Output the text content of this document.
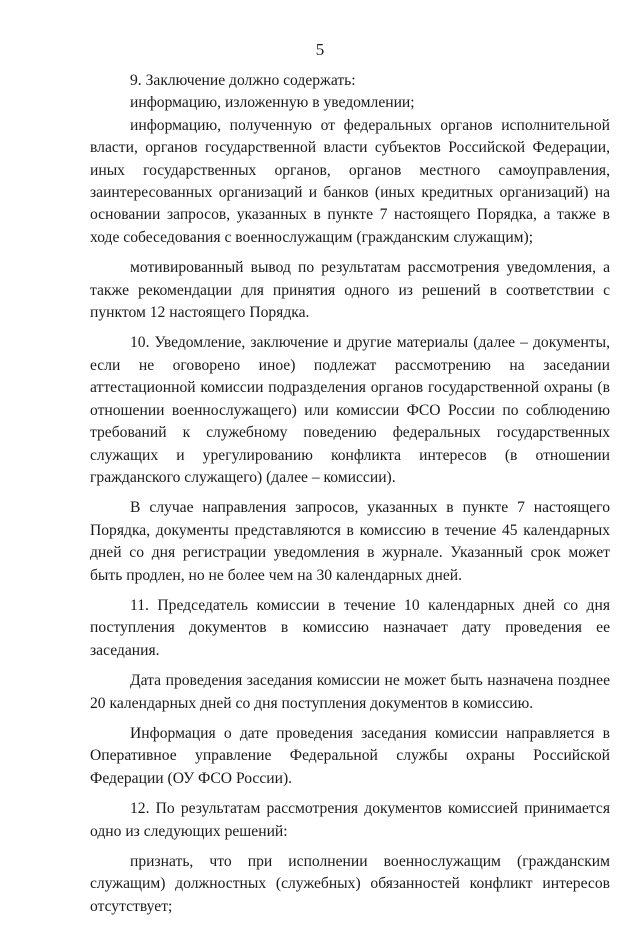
5

9. Заключение должно содержать:

информацию, изложенную в уведомлении;

информацию, полученную от федеральных органов исполнительной власти, органов государственной власти субъектов Российской Федерации, иных государственных органов, органов местного самоуправления, заинтересованных организаций и банков (иных кредитных организаций) на основании запросов, указанных в пункте 7 настоящего Порядка, а также в ходе собеседования с военнослужащим (гражданским служащим);

мотивированный вывод по результатам рассмотрения уведомления, а также рекомендации для принятия одного из решений в соответствии с пунктом 12 настоящего Порядка.

10. Уведомление, заключение и другие материалы (далее – документы, если не оговорено иное) подлежат рассмотрению на заседании аттестационной комиссии подразделения органов государственной охраны (в отношении военнослужащего) или комиссии ФСО России по соблюдению требований к служебному поведению федеральных государственных служащих и урегулированию конфликта интересов (в отношении гражданского служащего) (далее – комиссии).

В случае направления запросов, указанных в пункте 7 настоящего Порядка, документы представляются в комиссию в течение 45 календарных дней со дня регистрации уведомления в журнале. Указанный срок может быть продлен, но не более чем на 30 календарных дней.

11. Председатель комиссии в течение 10 календарных дней со дня поступления документов в комиссию назначает дату проведения ее заседания.

Дата проведения заседания комиссии не может быть назначена позднее 20 календарных дней со дня поступления документов в комиссию.

Информация о дате проведения заседания комиссии направляется в Оперативное управление Федеральной службы охраны Российской Федерации (ОУ ФСО России).

12. По результатам рассмотрения документов комиссией принимается одно из следующих решений:

признать, что при исполнении военнослужащим (гражданским служащим) должностных (служебных) обязанностей конфликт интересов отсутствует;
